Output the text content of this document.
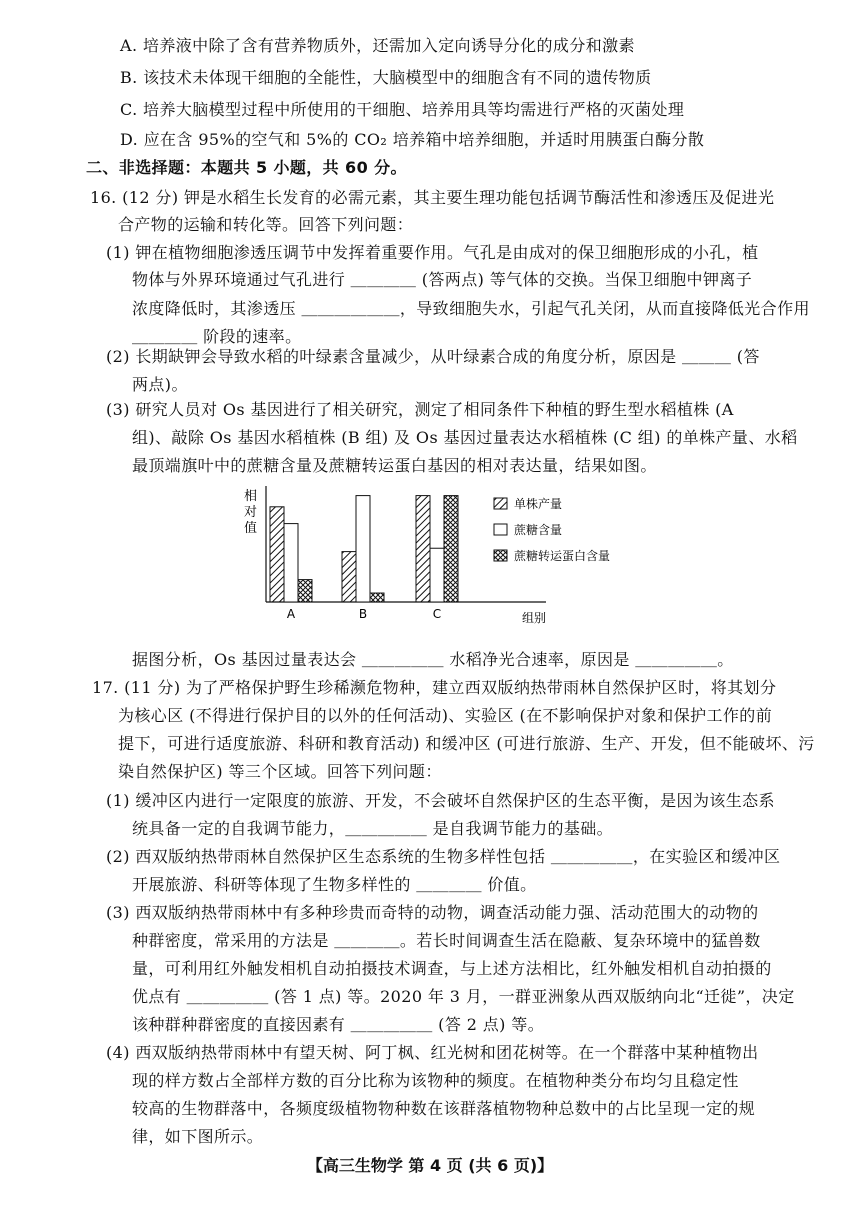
A. 培养液中除了含有营养物质外，还需加入定向诱导分化的成分和激素
B. 该技术未体现干细胞的全能性，大脑模型中的细胞含有不同的遗传物质
C. 培养大脑模型过程中所使用的干细胞、培养用具等均需进行严格的灭菌处理
D. 应在含 95%的空气和 5%的 CO₂ 培养箱中培养细胞，并适时用胰蛋白酶分散
二、非选择题：本题共 5 小题，共 60 分。
16. (12 分) 钾是水稻生长发育的必需元素，其主要生理功能包括调节酶活性和渗透压及促进光
合产物的运输和转化等。回答下列问题：
(1) 钾在植物细胞渗透压调节中发挥着重要作用。气孔是由成对的保卫细胞形成的小孔，植
物体与外界环境通过气孔进行 ＿＿＿＿ (答两点) 等气体的交换。当保卫细胞中钾离子
浓度降低时，其渗透压 ＿＿＿＿＿＿，导致细胞失水，引起气孔关闭，从而直接降低光合作用
＿＿＿＿ 阶段的速率。
(2) 长期缺钾会导致水稻的叶绿素含量减少，从叶绿素合成的角度分析，原因是 ＿＿＿ (答
两点)。
(3) 研究人员对 Os 基因进行了相关研究，测定了相同条件下种植的野生型水稻植株 (A
组)、敲除 Os 基因水稻植株 (B 组) 及 Os 基因过量表达水稻植株 (C 组) 的单株产量、水稻
最顶端旗叶中的蔗糖含量及蔗糖转运蛋白基因的相对表达量，结果如图。
据图分析，Os 基因过量表达会 ＿＿＿＿＿ 水稻净光合速率，原因是 ＿＿＿＿＿。
17. (11 分) 为了严格保护野生珍稀濒危物种，建立西双版纳热带雨林自然保护区时，将其划分
为核心区 (不得进行保护目的以外的任何活动)、实验区 (在不影响保护对象和保护工作的前
提下，可进行适度旅游、科研和教育活动) 和缓冲区 (可进行旅游、生产、开发，但不能破坏、污
染自然保护区) 等三个区域。回答下列问题：
(1) 缓冲区内进行一定限度的旅游、开发，不会破坏自然保护区的生态平衡，是因为该生态系
统具备一定的自我调节能力，＿＿＿＿＿ 是自我调节能力的基础。
(2) 西双版纳热带雨林自然保护区生态系统的生物多样性包括 ＿＿＿＿＿，在实验区和缓冲区
开展旅游、科研等体现了生物多样性的 ＿＿＿＿ 价值。
(3) 西双版纳热带雨林中有多种珍贵而奇特的动物，调查活动能力强、活动范围大的动物的
种群密度，常采用的方法是 ＿＿＿＿。若长时间调查生活在隐蔽、复杂环境中的猛兽数
量，可利用红外触发相机自动拍摄技术调查，与上述方法相比，红外触发相机自动拍摄的
优点有 ＿＿＿＿＿ (答 1 点) 等。2020 年 3 月，一群亚洲象从西双版纳向北“迁徙”，决定
该种群种群密度的直接因素有 ＿＿＿＿＿ (答 2 点) 等。
(4) 西双版纳热带雨林中有望天树、阿丁枫、红光树和团花树等。在一个群落中某种植物出
现的样方数占全部样方数的百分比称为该物种的频度。在植物种类分布均匀且稳定性
较高的生物群落中，各频度级植物物种数在该群落植物物种总数中的占比呈现一定的规
律，如下图所示。
相对值
A	B	C	组别
单株产量
蔗糖含量
蔗糖转运蛋白含量
【高三生物学 第 4 页 (共 6 页)】
